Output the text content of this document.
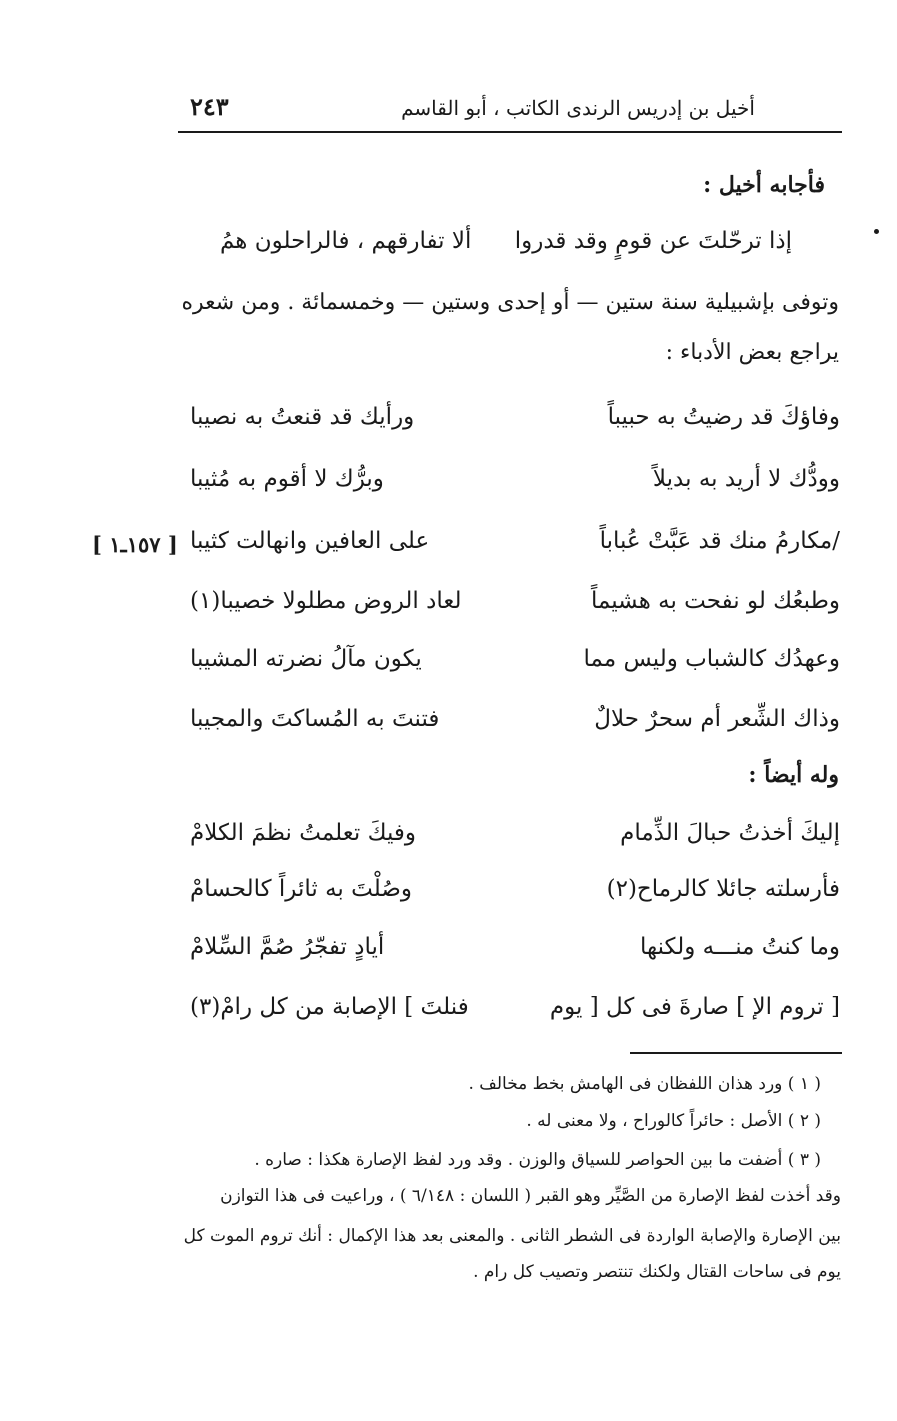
٢٤٣	أخيل بن إدريس الرندى الكاتب ، أبو القاسم
فأجابه أخيل :
إذا ترحّلتَ عن قومٍ وقد قدروا
ألا تفارقهم ، فالراحلون همُ
وتوفى بإشبيلية سنة ستين — أو إحدى وستين — وخمسمائة . ومن شعره
يراجع بعض الأدباء :
وفاؤكَ قد رضيتُ به حبيباً
ورأيك قد قنعتُ به نصيبا
وودُّك لا أريد به بديلاً
وبرُّك لا أقوم به مُثيبا
/مكارمُ منك قد عَبَّتْ عُباباً
على العافين وانهالت كثيبا
وطبعُك لو نفحت به هشيماً
لعاد الروض مطلولا خصيبا(١)
وعهدُك كالشباب وليس مما
يكون مآلُ نضرته المشيبا
وذاك الشِّعر أم سحرٌ حلالٌ
فتنتَ به المُساكتَ والمجيبا
[ ١٥٧ـ١ ]
وله أيضاً :
إليكَ أخذتُ حبالَ الذِّمام
وفيكَ تعلمتُ نظمَ الكلامْ
فأرسلته جائلا كالرماح(٢)
وصُلْتَ به ثائراً كالحسامْ
وما كنتُ منـــه ولكنها
أيادٍ تفجّرُ صُمَّ السِّلامْ
[ تروم الإ ] صارةَ فى كل [ يوم
فنلتَ ] الإصابة من كل رامْ(٣)
( ١ ) ورد هذان اللفظان فى الهامش بخط مخالف .
( ٢ ) الأصل : حائراً كالوراح ، ولا معنى له .
( ٣ ) أضفت ما بين الحواصر للسياق والوزن . وقد ورد لفظ الإصارة هكذا : صاره .
وقد أخذت لفظ الإصارة من الصَّيِّر وهو القبر ( اللسان : ٦/١٤٨ ) ، وراعيت فى هذا التوازن
بين الإصارة والإصابة الواردة فى الشطر الثانى . والمعنى بعد هذا الإكمال : أنك تروم الموت كل
يوم فى ساحات القتال ولكنك تنتصر وتصيب كل رام .
